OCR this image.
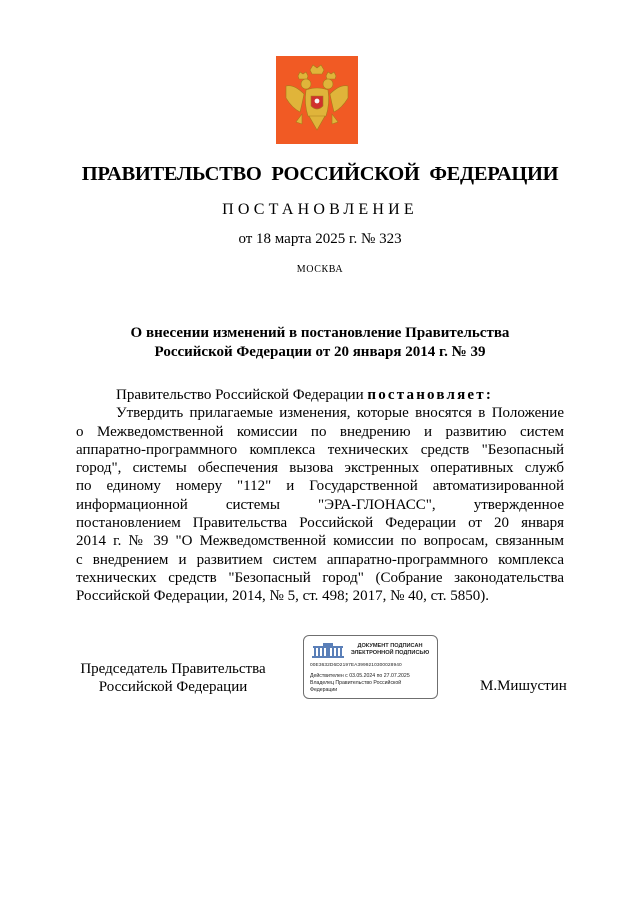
ПРАВИТЕЛЬСТВО РОССИЙСКОЙ ФЕДЕРАЦИИ
ПОСТАНОВЛЕНИЕ
от 18 марта 2025 г. № 323
МОСКВА
О внесении изменений в постановление Правительства
Российской Федерации от 20 января 2014 г. № 39
Правительство Российской Федерации постановляет:
Утвердить прилагаемые изменения, которые вносятся в Положение
о Межведомственной комиссии по внедрению и развитию систем
аппаратно-программного комплекса технических средств "Безопасный
город", системы обеспечения вызова экстренных оперативных служб
по единому номеру "112" и Государственной автоматизированной
информационной системы "ЭРА-ГЛОНАСС", утвержденное
постановлением Правительства Российской Федерации от 20 января
2014 г. № 39 "О Межведомственной комиссии по вопросам, связанным
с внедрением и развитием систем аппаратно-программного комплекса
технических средств "Безопасный город" (Собрание законодательства
Российской Федерации, 2014, № 5, ст. 498; 2017, № 40, ст. 5850).
Председатель Правительства
Российской Федерации
ДОКУМЕНТ ПОДПИСАН
ЭЛЕКТРОННОЙ ПОДПИСЬЮ
00E3632D6D2197EA3999210300028940
Действителен с 03.05.2024 по 27.07.2025
Владелец Правительство Российской Федерации	М.Мишустин
